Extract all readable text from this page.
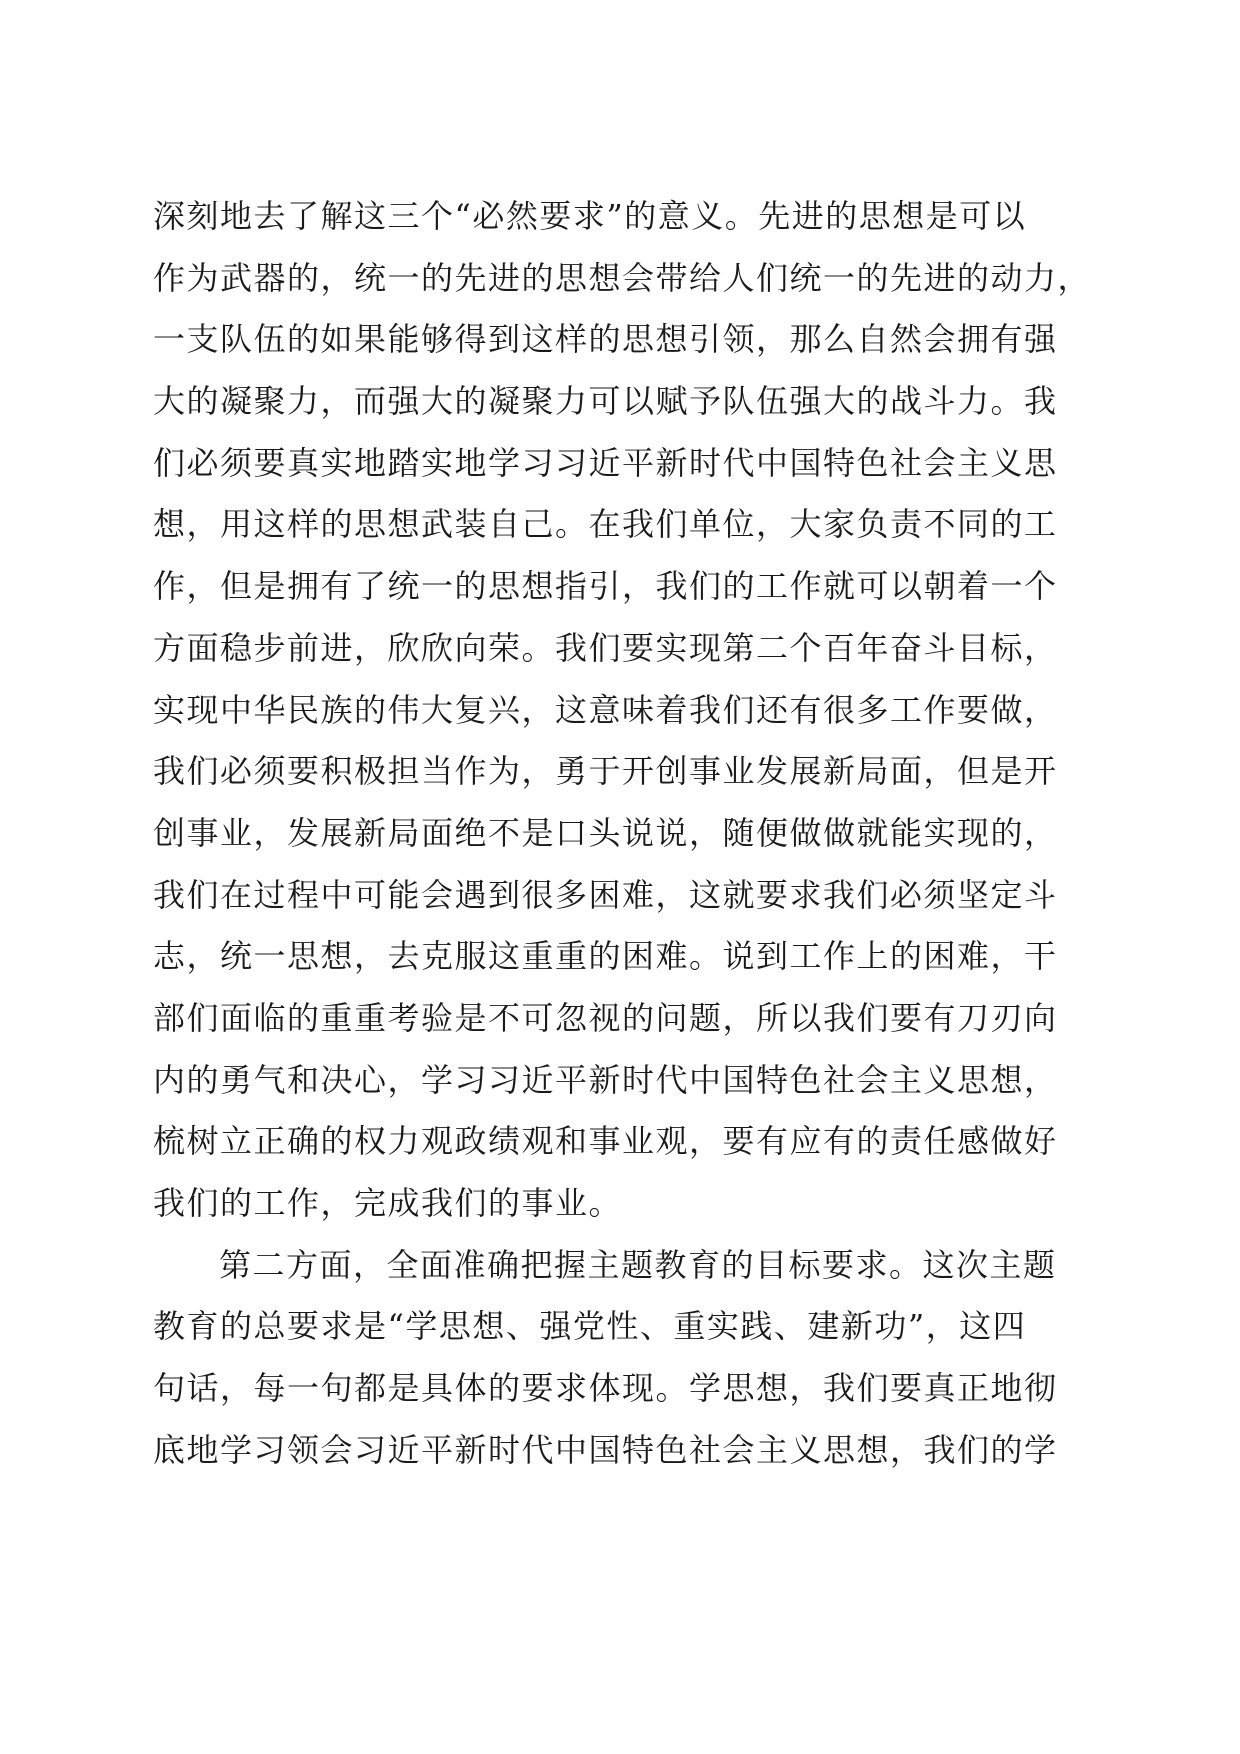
深刻地去了解这三个“必然要求”的意义。先进的思想是可以
作为武器的，统一的先进的思想会带给人们统一的先进的动力，
一支队伍的如果能够得到这样的思想引领，那么自然会拥有强
大的凝聚力，而强大的凝聚力可以赋予队伍强大的战斗力。我
们必须要真实地踏实地学习习近平新时代中国特色社会主义思
想，用这样的思想武装自己。在我们单位，大家负责不同的工
作，但是拥有了统一的思想指引，我们的工作就可以朝着一个
方面稳步前进，欣欣向荣。我们要实现第二个百年奋斗目标，
实现中华民族的伟大复兴，这意味着我们还有很多工作要做，
我们必须要积极担当作为，勇于开创事业发展新局面，但是开
创事业，发展新局面绝不是口头说说，随便做做就能实现的，
我们在过程中可能会遇到很多困难，这就要求我们必须坚定斗
志，统一思想，去克服这重重的困难。说到工作上的困难，干
部们面临的重重考验是不可忽视的问题，所以我们要有刀刃向
内的勇气和决心，学习习近平新时代中国特色社会主义思想，
梳树立正确的权力观政绩观和事业观，要有应有的责任感做好
我们的工作，完成我们的事业。
第二方面，全面准确把握主题教育的目标要求。这次主题
教育的总要求是“学思想、强党性、重实践、建新功”，这四
句话，每一句都是具体的要求体现。学思想，我们要真正地彻
底地学习领会习近平新时代中国特色社会主义思想，我们的学
